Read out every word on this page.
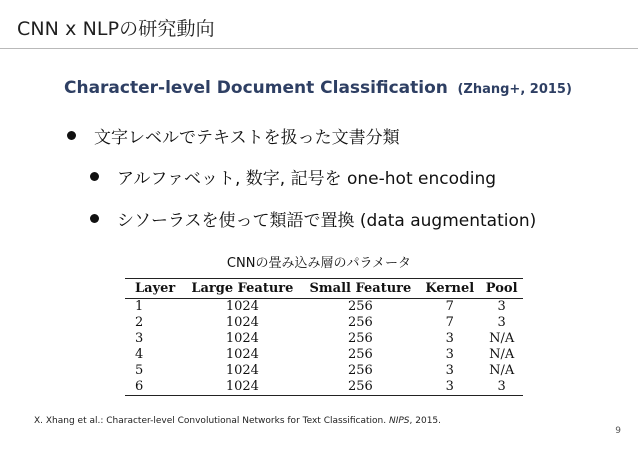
CNN x NLPの研究動向
Character-level Document Classification (Zhang+, 2015)
文字レベルでテキストを扱った文書分類
アルファベット, 数字, 記号を one-hot encoding
シソーラスを使って類語で置換 (data augmentation)
CNNの畳み込み層のパラメータ
Layer	Large Feature	Small Feature	Kernel	Pool
1	1024	256	7	3
2	1024	256	7	3
3	1024	256	3	N/A
4	1024	256	3	N/A
5	1024	256	3	N/A
6	1024	256	3	3
X. Xhang et al.: Character-level Convolutional Networks for Text Classification. NIPS, 2015.
9
